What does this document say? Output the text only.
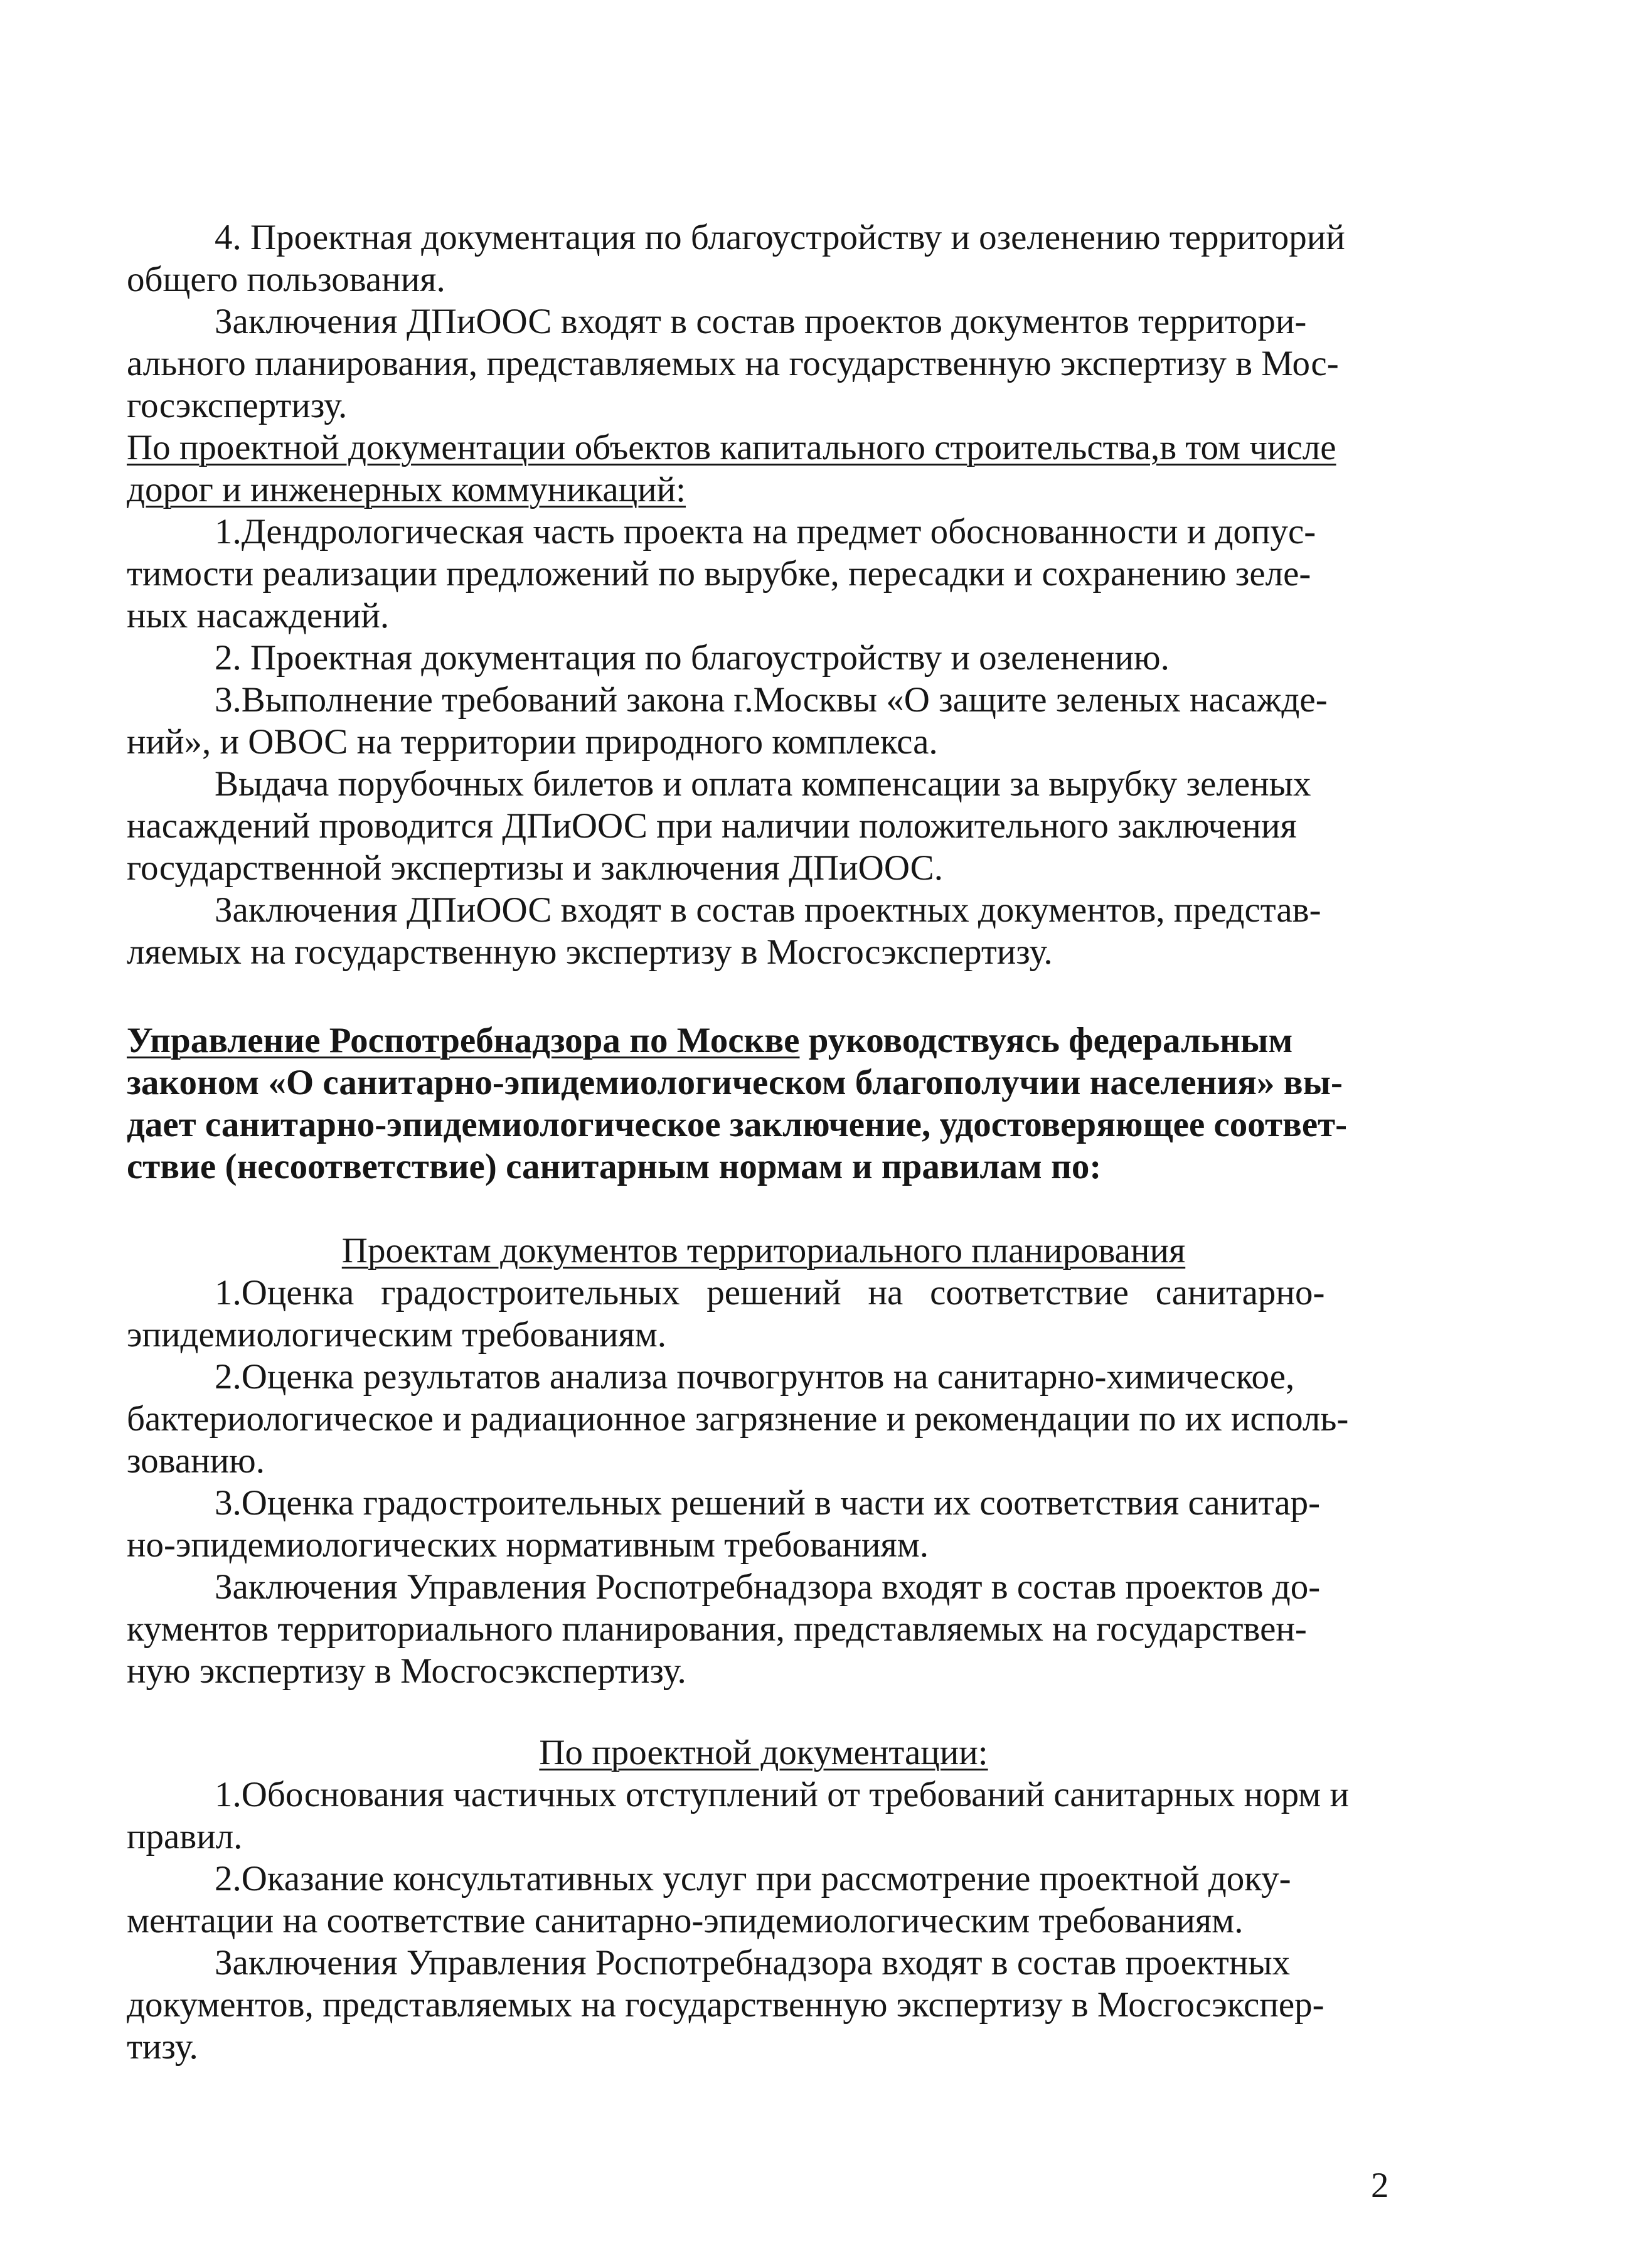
4. Проектная документация по благоустройству и озеленению территорий
общего пользования.
Заключения ДПиООС входят в состав проектов документов территори-
ального планирования, представляемых на государственную экспертизу в Мос-
госэкспертизу.
По проектной документации объектов капитального строительства,в том числе
дорог и инженерных коммуникаций:
1.Дендрологическая часть проекта на предмет обоснованности и допус-
тимости реализации предложений по вырубке, пересадки и сохранению зеле-
ных насаждений.
2. Проектная документация по благоустройству и озеленению.
3.Выполнение требований закона г.Москвы «О защите зеленых насажде-
ний», и ОВОС на территории природного комплекса.
Выдача порубочных билетов и оплата компенсации за вырубку зеленых
насаждений проводится ДПиООС при наличии положительного заключения
государственной экспертизы и заключения ДПиООС.
Заключения ДПиООС входят в состав проектных документов, представ-
ляемых на государственную экспертизу в Мосгосэкспертизу.
Управление Роспотребнадзора по Москве руководствуясь федеральным
законом «О санитарно-эпидемиологическом благополучии населения» вы-
дает санитарно-эпидемиологическое заключение, удостоверяющее соответ-
ствие (несоответствие) санитарным нормам и правилам по:
Проектам документов территориального планирования
1.Оценка   градостроительных   решений   на   соответствие   санитарно-
эпидемиологическим требованиям.
2.Оценка результатов анализа почвогрунтов на санитарно-химическое,
бактериологическое и радиационное загрязнение и рекомендации по их исполь-
зованию.
3.Оценка градостроительных решений в части их соответствия санитар-
но-эпидемиологических нормативным требованиям.
Заключения Управления Роспотребнадзора входят в состав проектов до-
кументов территориального планирования, представляемых на государствен-
ную экспертизу в Мосгосэкспертизу.
По проектной документации:
1.Обоснования частичных отступлений от требований санитарных норм и
правил.
2.Оказание консультативных услуг при рассмотрение проектной доку-
ментации на соответствие санитарно-эпидемиологическим требованиям.
Заключения Управления Роспотребнадзора входят в состав проектных
документов, представляемых на государственную экспертизу в Мосгосэкспер-
тизу.
2
